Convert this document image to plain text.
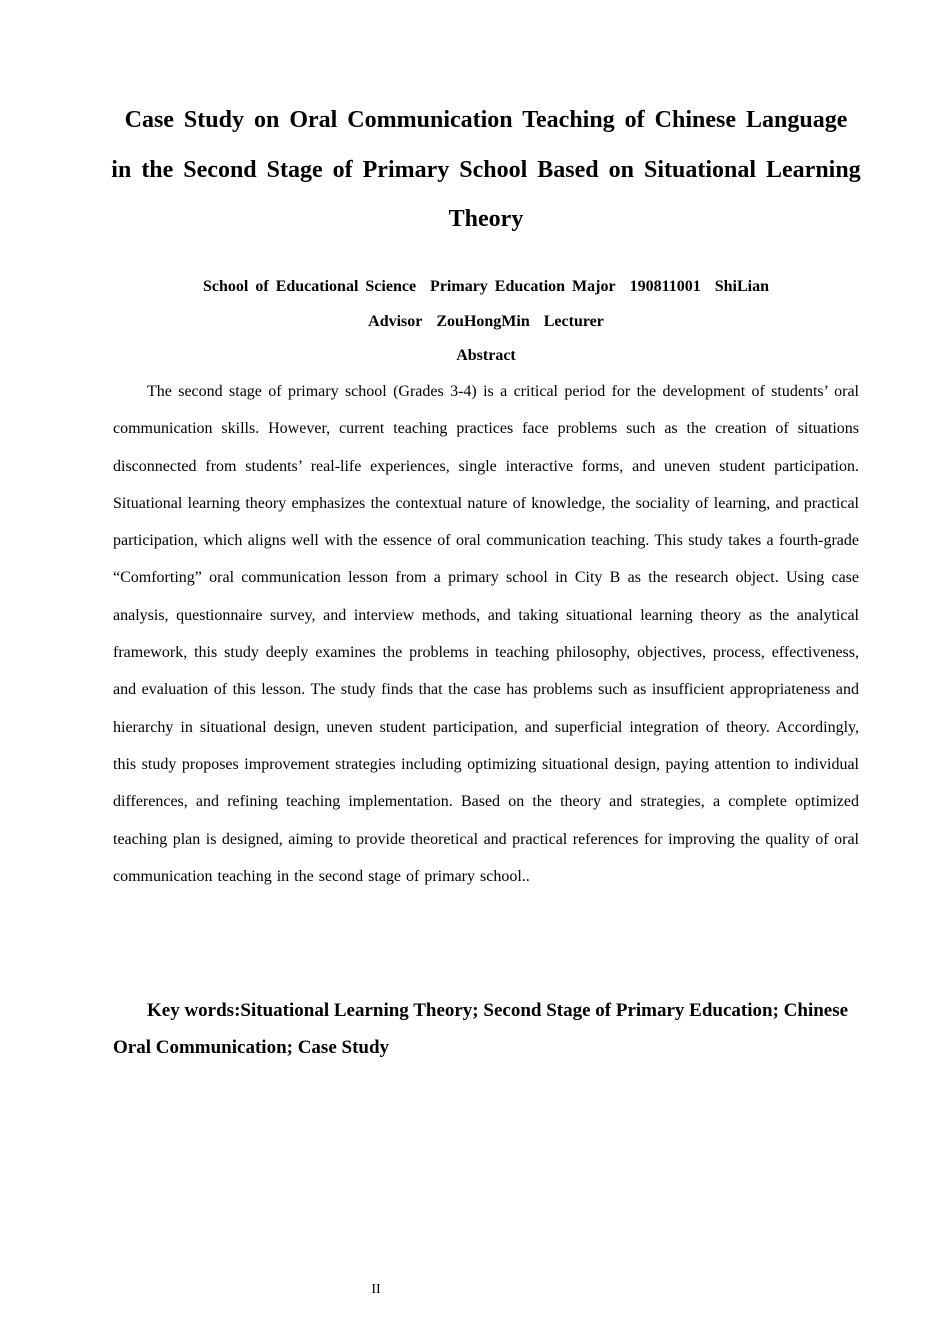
Case Study on Oral Communication Teaching of Chinese Language in the Second Stage of Primary School Based on Situational Learning Theory

School of Educational Science Primary Education Major 190811001 ShiLian

Advisor ZouHongMin Lecturer

Abstract

The second stage of primary school (Grades 3-4) is a critical period for the development of students’ oral communication skills. However, current teaching practices face problems such as the creation of situations disconnected from students’ real-life experiences, single interactive forms, and uneven student participation. Situational learning theory emphasizes the contextual nature of knowledge, the sociality of learning, and practical participation, which aligns well with the essence of oral communication teaching. This study takes a fourth-grade “Comforting” oral communication lesson from a primary school in City B as the research object. Using case analysis, questionnaire survey, and interview methods, and taking situational learning theory as the analytical framework, this study deeply examines the problems in teaching philosophy, objectives, process, effectiveness, and evaluation of this lesson. The study finds that the case has problems such as insufficient appropriateness and hierarchy in situational design, uneven student participation, and superficial integration of theory. Accordingly, this study proposes improvement strategies including optimizing situational design, paying attention to individual differences, and refining teaching implementation. Based on the theory and strategies, a complete optimized teaching plan is designed, aiming to provide theoretical and practical references for improving the quality of oral communication teaching in the second stage of primary school..

Key words:Situational Learning Theory; Second Stage of Primary Education; Chinese Oral Communication; Case Study

II
